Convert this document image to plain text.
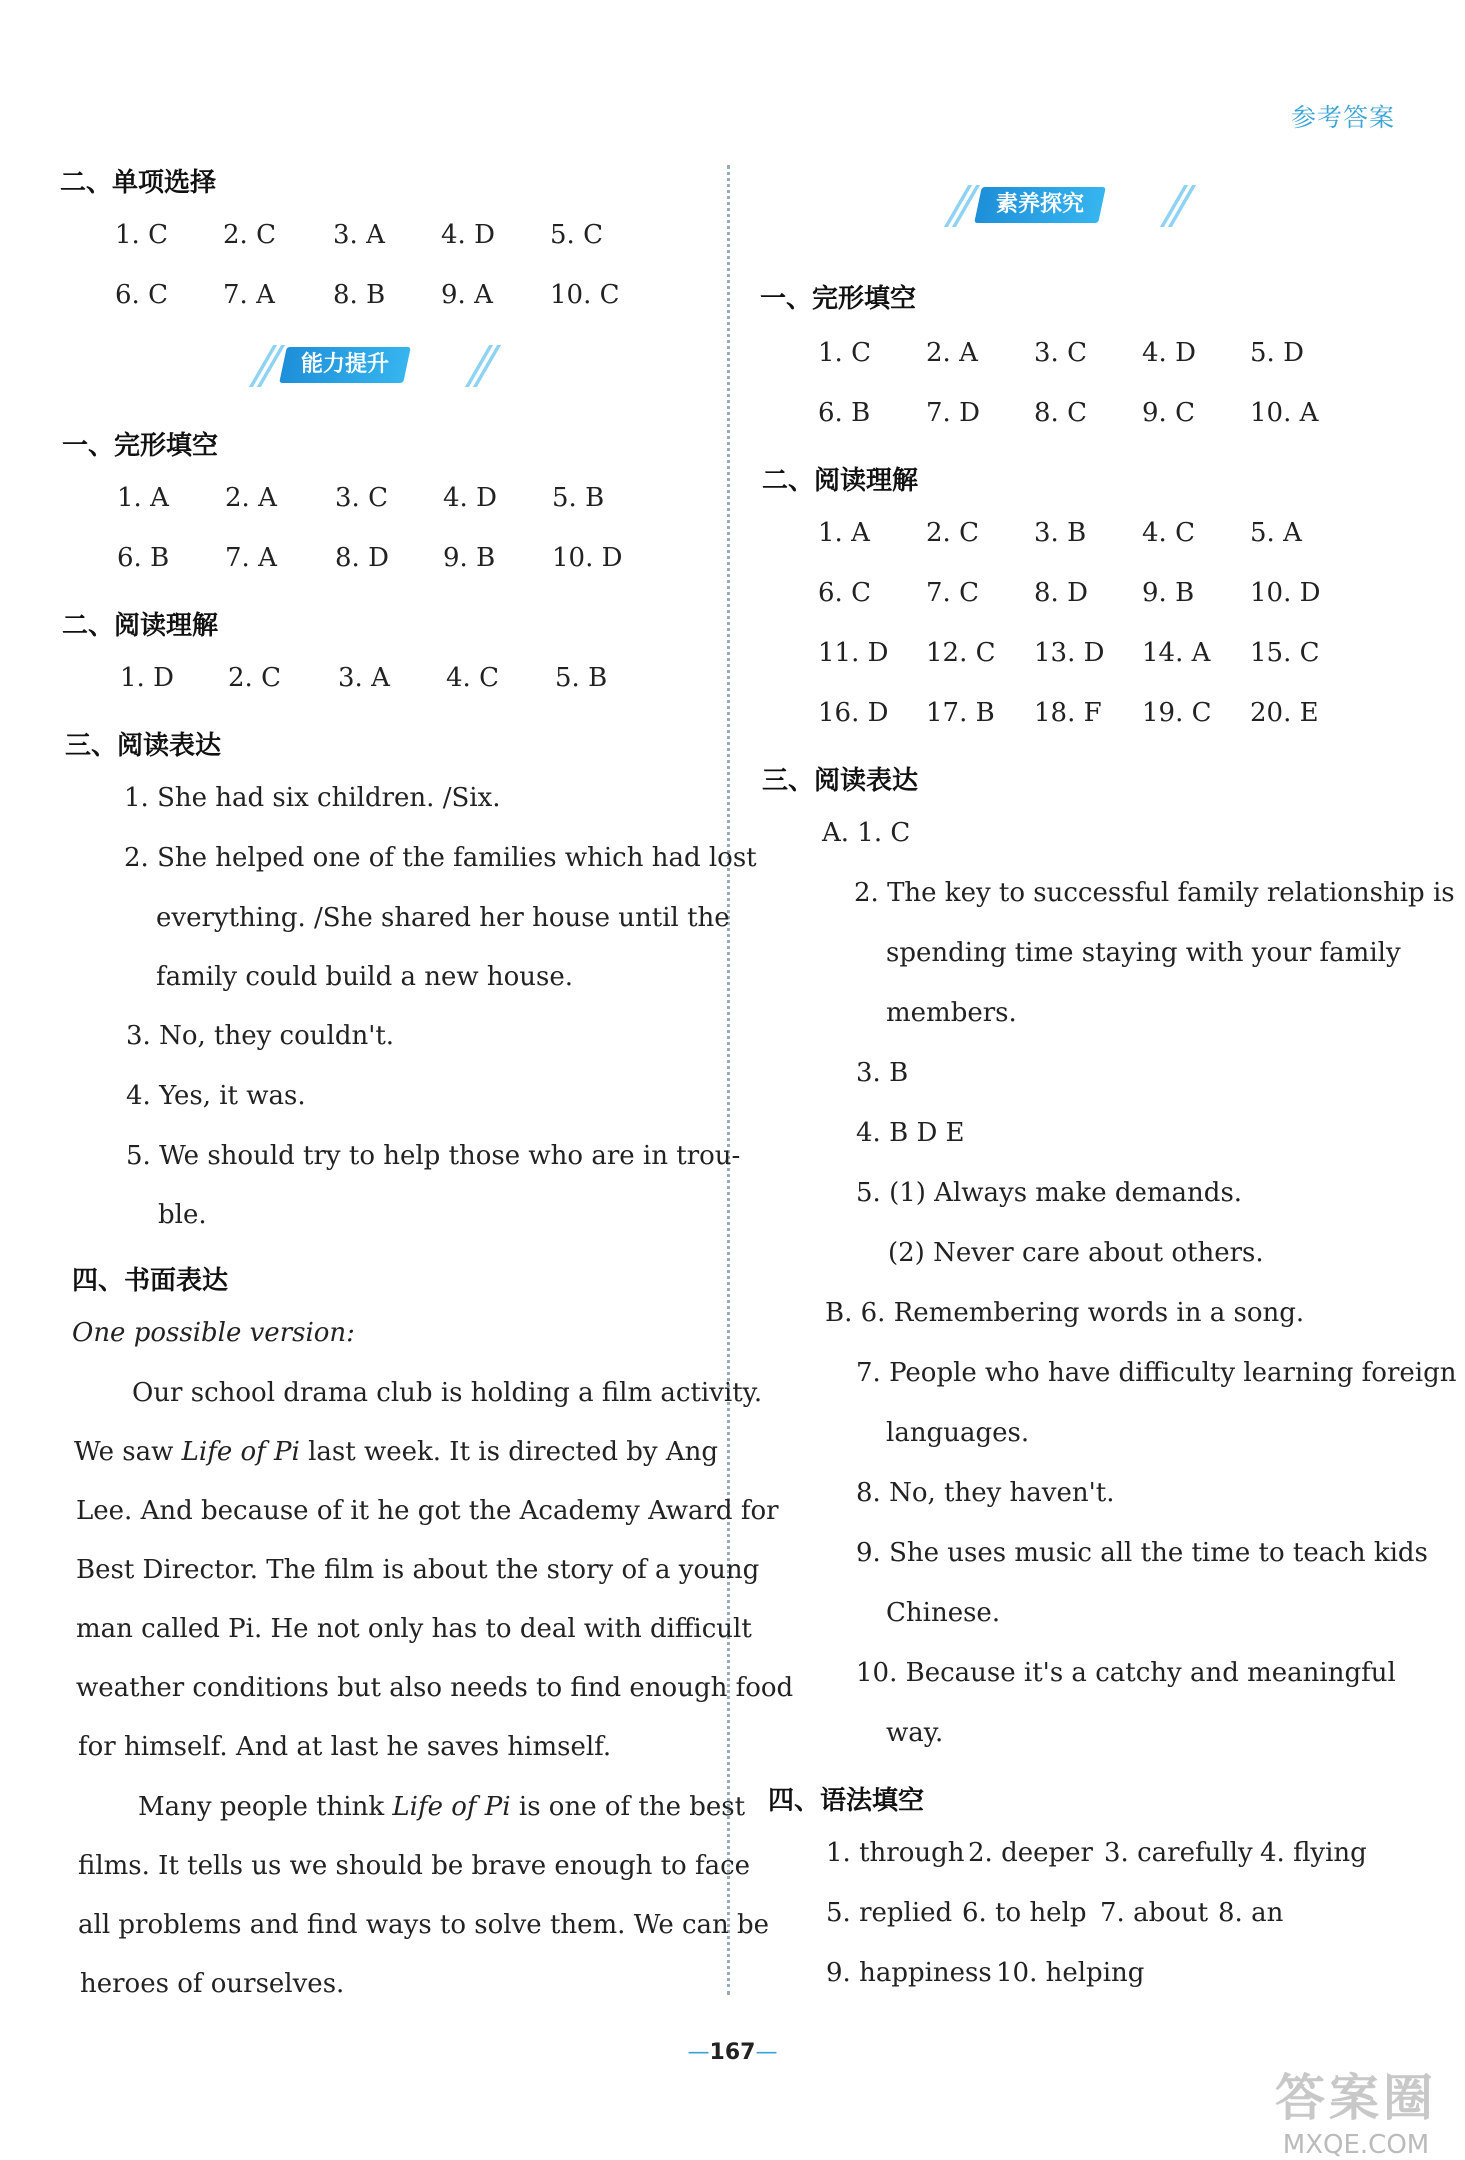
参考答案
二、单项选择
1. C 2. C 3. A 4. D 5. C
6. C 7. A 8. B 9. A 10. C
能力提升
一、完形填空
1. A 2. A 3. C 4. D 5. B
6. B 7. A 8. D 9. B 10. D
二、阅读理解
1. D 2. C 3. A 4. C 5. B
三、阅读表达
1. She had six children. /Six.
2. She helped one of the families which had lost
everything. /She shared her house until the
family could build a new house.
3. No, they couldn't.
4. Yes, it was.
5. We should try to help those who are in trou-
ble.
四、书面表达
One possible version:
Our school drama club is holding a film activity.
We saw Life of Pi last week. It is directed by Ang
Lee. And because of it he got the Academy Award for
Best Director. The film is about the story of a young
man called Pi. He not only has to deal with difficult
weather conditions but also needs to find enough food
for himself. And at last he saves himself.
Many people think Life of Pi is one of the best
films. It tells us we should be brave enough to face
all problems and find ways to solve them. We can be
heroes of ourselves.
素养探究
一、完形填空
1. C 2. A 3. C 4. D 5. D
6. B 7. D 8. C 9. C 10. A
二、阅读理解
1. A 2. C 3. B 4. C 5. A
6. C 7. C 8. D 9. B 10. D
11. D 12. C 13. D 14. A 15. C
16. D 17. B 18. F 19. C 20. E
三、阅读表达
A. 1. C
2. The key to successful family relationship is
spending time staying with your family
members.
3. B
4. B D E
5. (1) Always make demands.
(2) Never care about others.
B. 6. Remembering words in a song.
7. People who have difficulty learning foreign
languages.
8. No, they haven't.
9. She uses music all the time to teach kids
Chinese.
10. Because it's a catchy and meaningful
way.
四、语法填空
1. through 2. deeper 3. carefully 4. flying
5. replied 6. to help 7. about 8. an
9. happiness 10. helping
—167—
答案圈
MXQE.COM
